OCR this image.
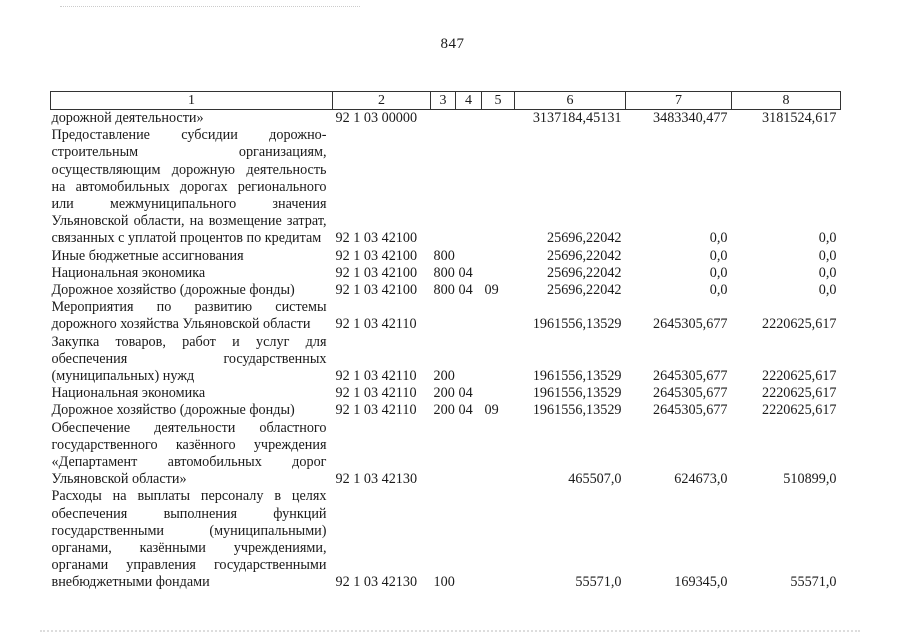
847
1	2	3	4	5	6	7	8
дорожной деятельности»	92 1 03 00000				3137184,45131	3483340,477	3181524,617
Предоставление субсидии дорожно-строительным организациям, осуществляющим дорожную деятельность на автомобильных дорогах регионального или межмуниципального значения Ульяновской области, на возмещение затрат, связанных с уплатой процентов по кредитам	92 1 03 42100				25696,22042	0,0	0,0
Иные бюджетные ассигнования	92 1 03 42100	800			25696,22042	0,0	0,0
Национальная экономика	92 1 03 42100	800	04		25696,22042	0,0	0,0
Дорожное хозяйство (дорожные фонды)	92 1 03 42100	800	04	09	25696,22042	0,0	0,0
Мероприятия по развитию системы дорожного хозяйства Ульяновской области	92 1 03 42110				1961556,13529	2645305,677	2220625,617
Закупка товаров, работ и услуг для обеспечения государственных (муниципальных) нужд	92 1 03 42110	200			1961556,13529	2645305,677	2220625,617
Национальная экономика	92 1 03 42110	200	04		1961556,13529	2645305,677	2220625,617
Дорожное хозяйство (дорожные фонды)	92 1 03 42110	200	04	09	1961556,13529	2645305,677	2220625,617
Обеспечение деятельности областного государственного казённого учреждения «Департамент автомобильных дорог Ульяновской области»	92 1 03 42130				465507,0	624673,0	510899,0
Расходы на выплаты персоналу в целях обеспечения выполнения функций государственными (муниципальными) органами, казёнными учреждениями, органами управления государственными внебюджетными фондами	92 1 03 42130	100			55571,0	169345,0	55571,0
